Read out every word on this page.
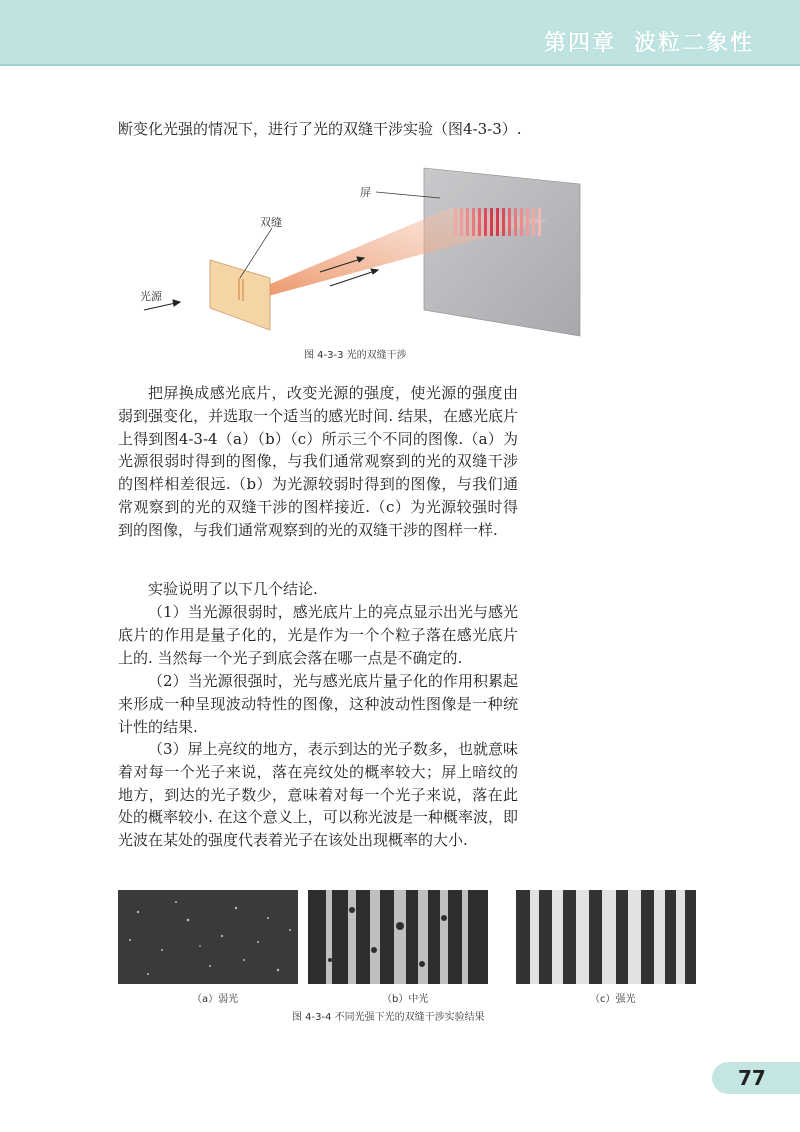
第四章 波粒二象性

断变化光强的情况下，进行了光的双缝干涉实验（图4-3-3）.

屏
双缝
光源
图 4-3-3 光的双缝干涉

把屏换成感光底片，改变光源的强度，使光源的强度由弱到强变化，并选取一个适当的感光时间. 结果，在感光底片上得到图4-3-4（a）（b）（c）所示三个不同的图像.（a）为光源很弱时得到的图像，与我们通常观察到的光的双缝干涉的图样相差很远.（b）为光源较弱时得到的图像，与我们通常观察到的光的双缝干涉的图样接近.（c）为光源较强时得到的图像，与我们通常观察到的光的双缝干涉的图样一样.

实验说明了以下几个结论.

（1）当光源很弱时，感光底片上的亮点显示出光与感光底片的作用是量子化的，光是作为一个个粒子落在感光底片上的. 当然每一个光子到底会落在哪一点是不确定的.

（2）当光源很强时，光与感光底片量子化的作用积累起来形成一种呈现波动特性的图像，这种波动性图像是一种统计性的结果.

（3）屏上亮纹的地方，表示到达的光子数多，也就意味着对每一个光子来说，落在亮纹处的概率较大；屏上暗纹的地方，到达的光子数少，意味着对每一个光子来说，落在此处的概率较小. 在这个意义上，可以称光波是一种概率波，即光波在某处的强度代表着光子在该处出现概率的大小.

（a）弱光	（b）中光	（c）强光
图 4-3-4 不同光强下光的双缝干涉实验结果
77
